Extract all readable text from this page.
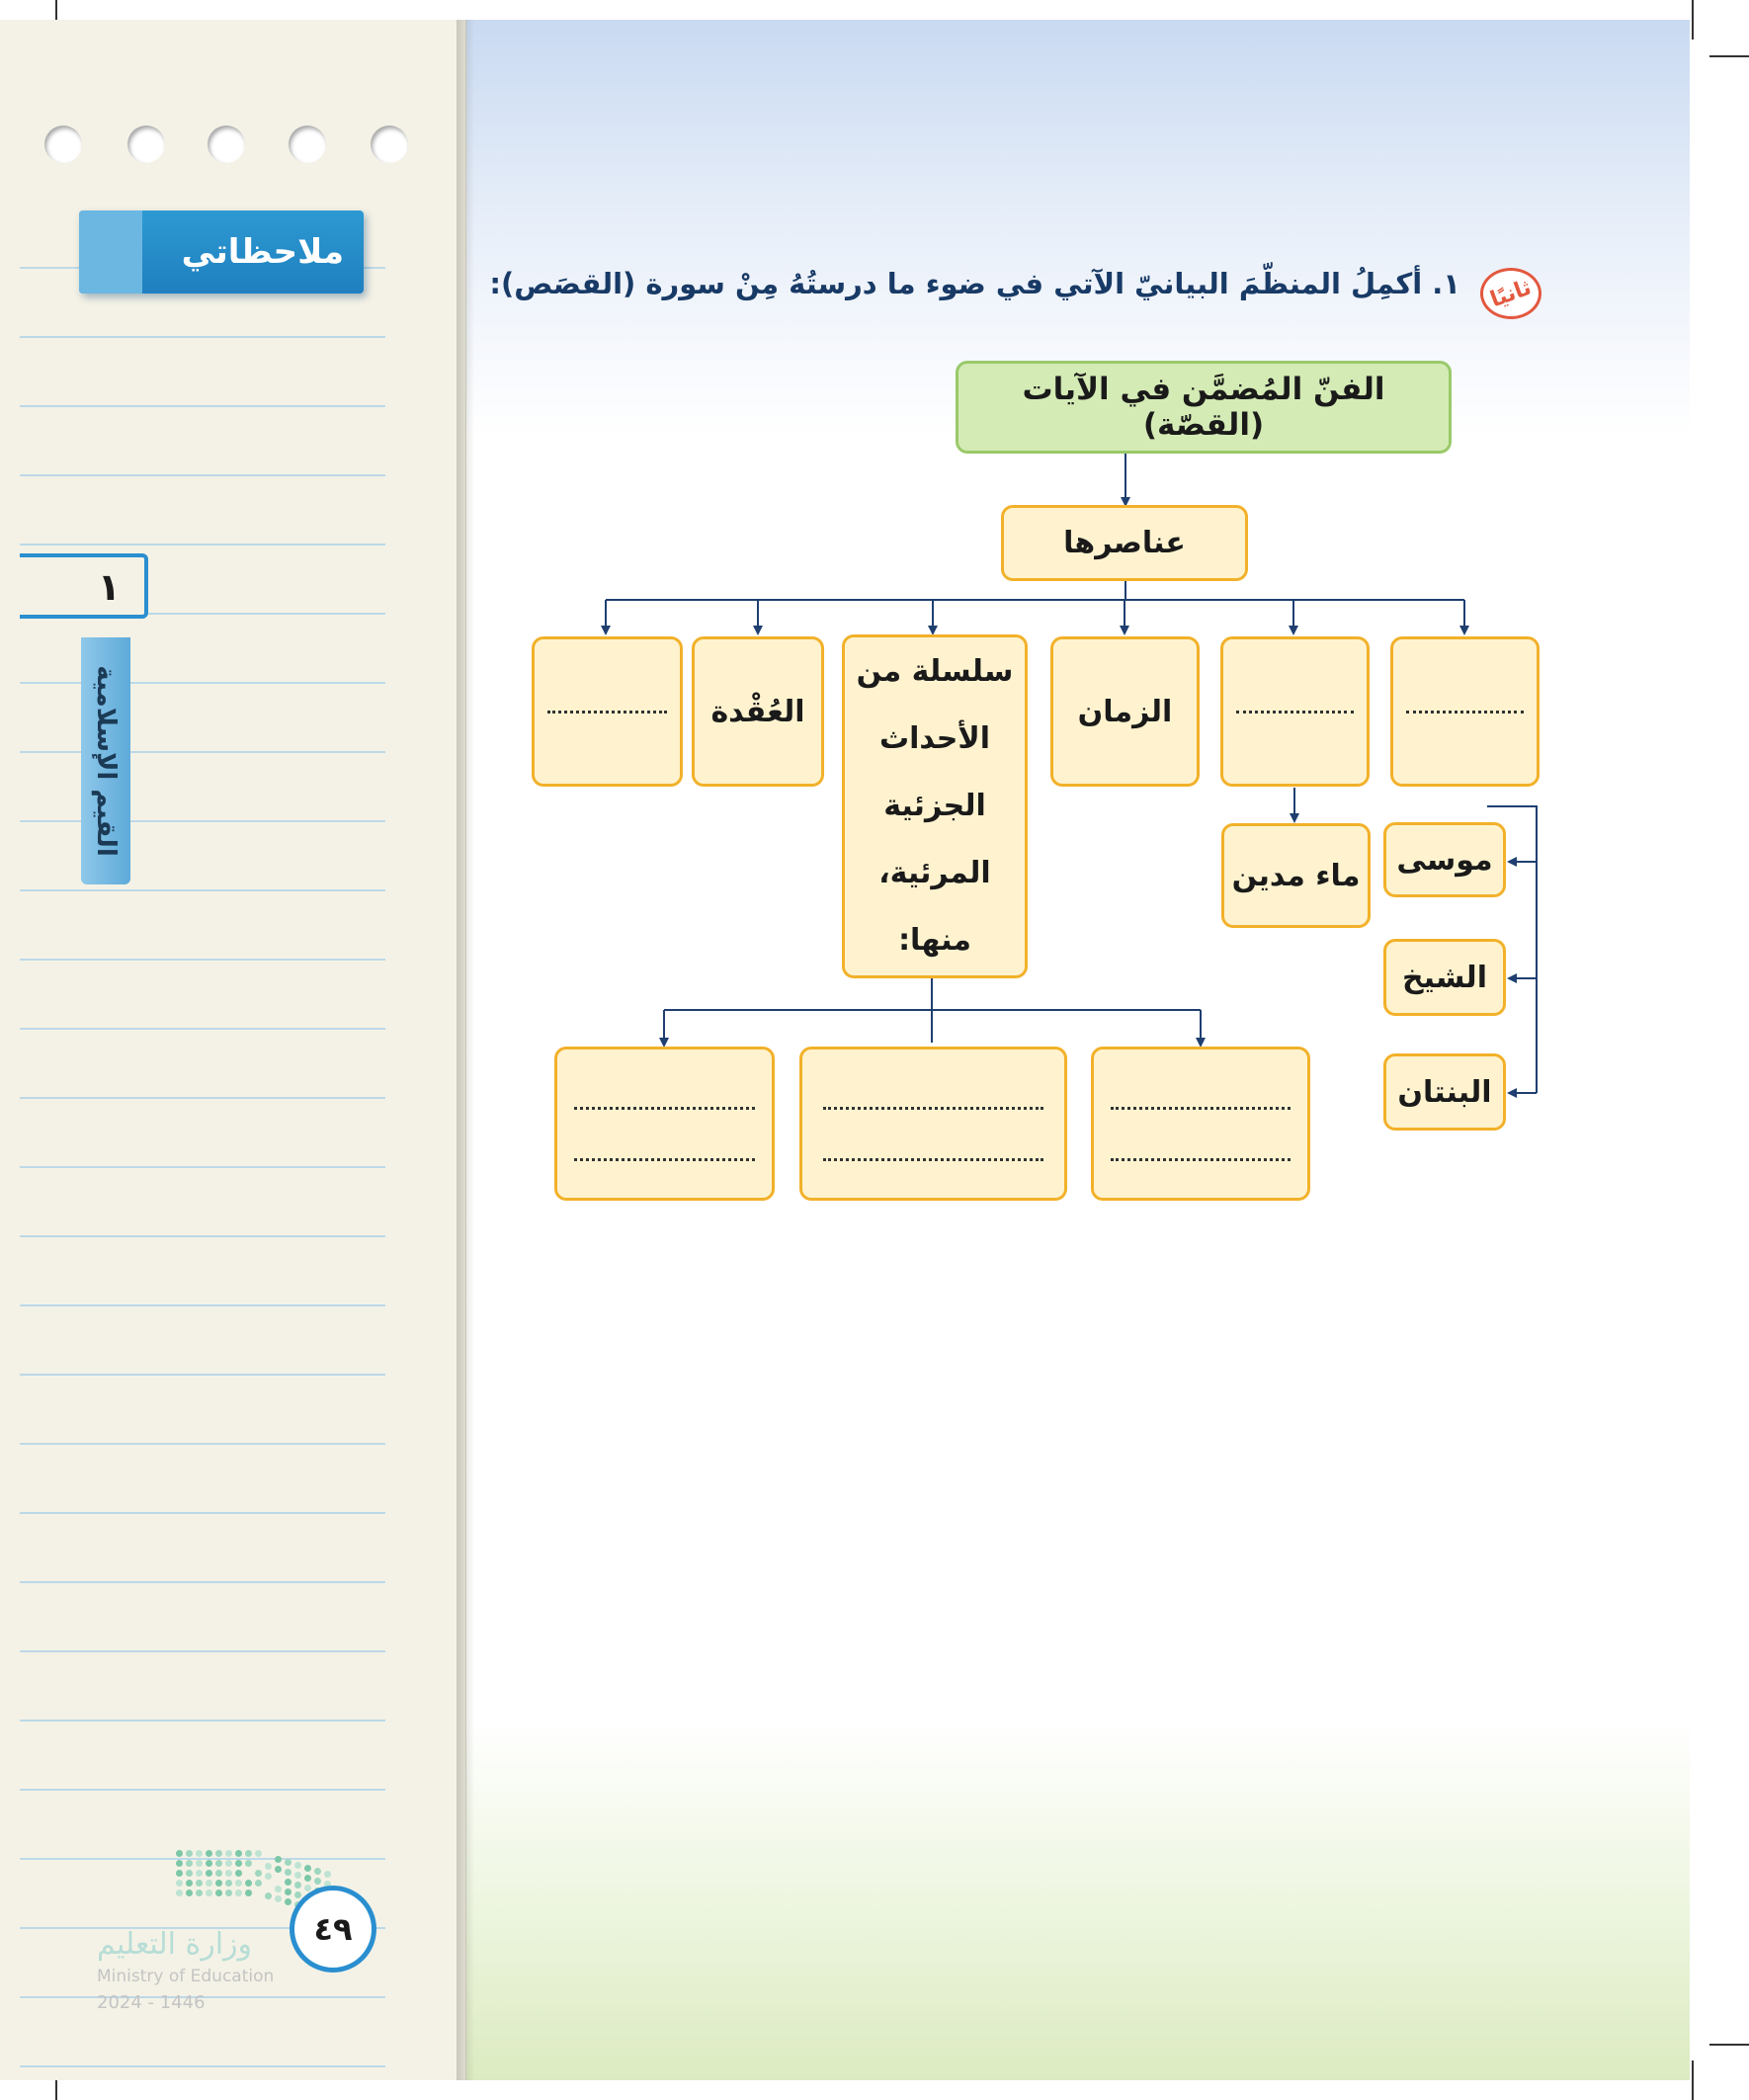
ملاحظاتي
١
القيم الإسلامية
وزارة التعليم
Ministry of Education
2024 - 1446
٤٩
ثانيًا
١. أكمِلُ المنظّمَ البيانيّ الآتي في ضوء ما درستُهُ مِنْ سورة (القصَص):
الفنّ المُضمَّن في الآيات (القصّة)
عناصرها
الزمان
سلسلة من
الأحداث
الجزئية
المرئية،
منها:
العُقْدة
ماء مدين موسى
الشيخ
البنتان
